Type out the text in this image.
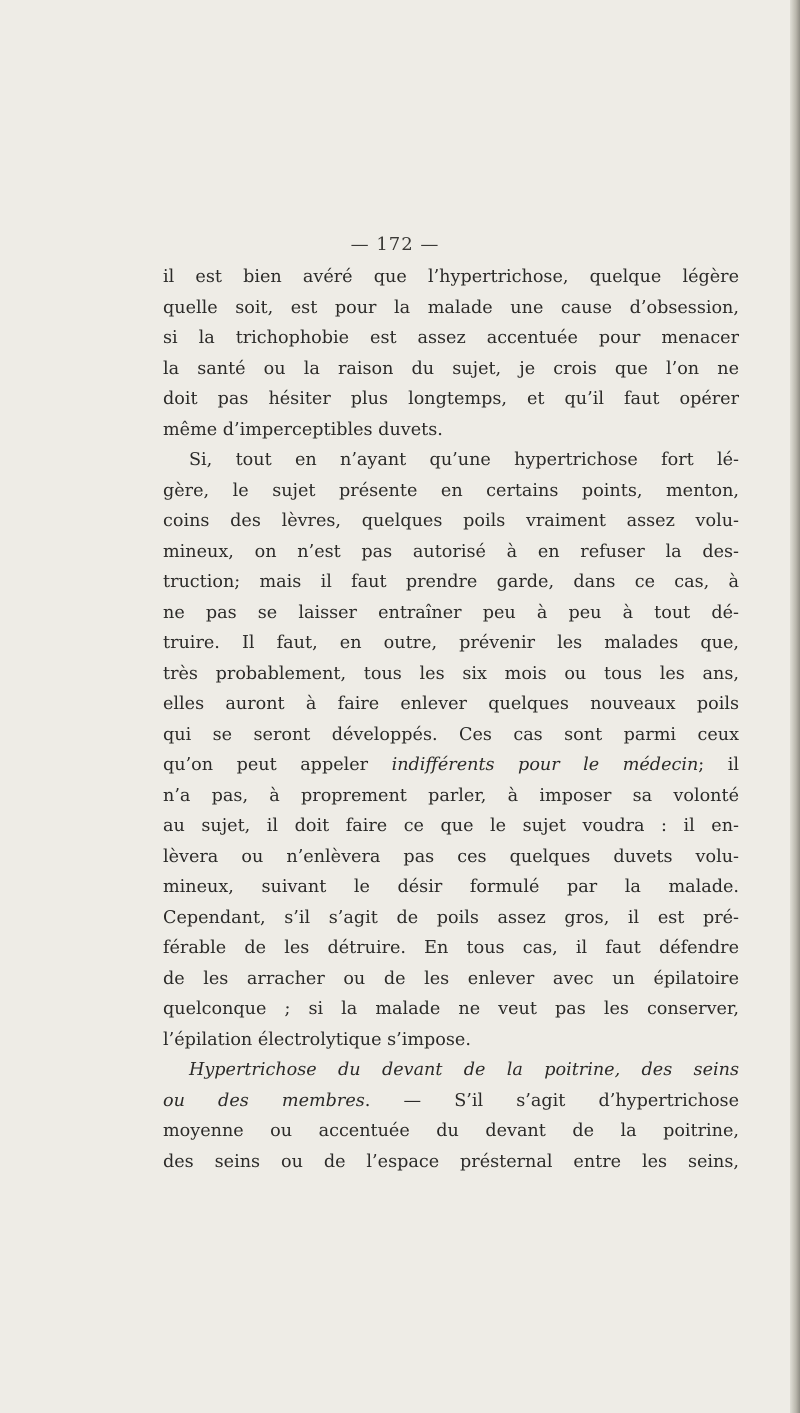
— 172 —
il est bien avéré que l’hypertrichose, quelque légère
quelle soit, est pour la malade une cause d’obsession,
si la trichophobie est assez accentuée pour menacer
la santé ou la raison du sujet, je crois que l’on ne
doit pas hésiter plus longtemps, et qu’il faut opérer
même d’imperceptibles duvets.
Si, tout en n’ayant qu’une hypertrichose fort lé-
gère, le sujet présente en certains points, menton,
coins des lèvres, quelques poils vraiment assez volu-
mineux, on n’est pas autorisé à en refuser la des-
truction; mais il faut prendre garde, dans ce cas, à
ne pas se laisser entraîner peu à peu à tout dé-
truire. Il faut, en outre, prévenir les malades que,
très probablement, tous les six mois ou tous les ans,
elles auront à faire enlever quelques nouveaux poils
qui se seront développés. Ces cas sont parmi ceux
qu’on peut appeler indifférents pour le médecin; il
n’a pas, à proprement parler, à imposer sa volonté
au sujet, il doit faire ce que le sujet voudra : il en-
lèvera ou n’enlèvera pas ces quelques duvets volu-
mineux, suivant le désir formulé par la malade.
Cependant, s’il s’agit de poils assez gros, il est pré-
férable de les détruire. En tous cas, il faut défendre
de les arracher ou de les enlever avec un épilatoire
quelconque ; si la malade ne veut pas les conserver,
l’épilation électrolytique s’impose.
Hypertrichose du devant de la poitrine, des seins
ou des membres. — S’il s’agit d’hypertrichose
moyenne ou accentuée du devant de la poitrine,
des seins ou de l’espace présternal entre les seins,
